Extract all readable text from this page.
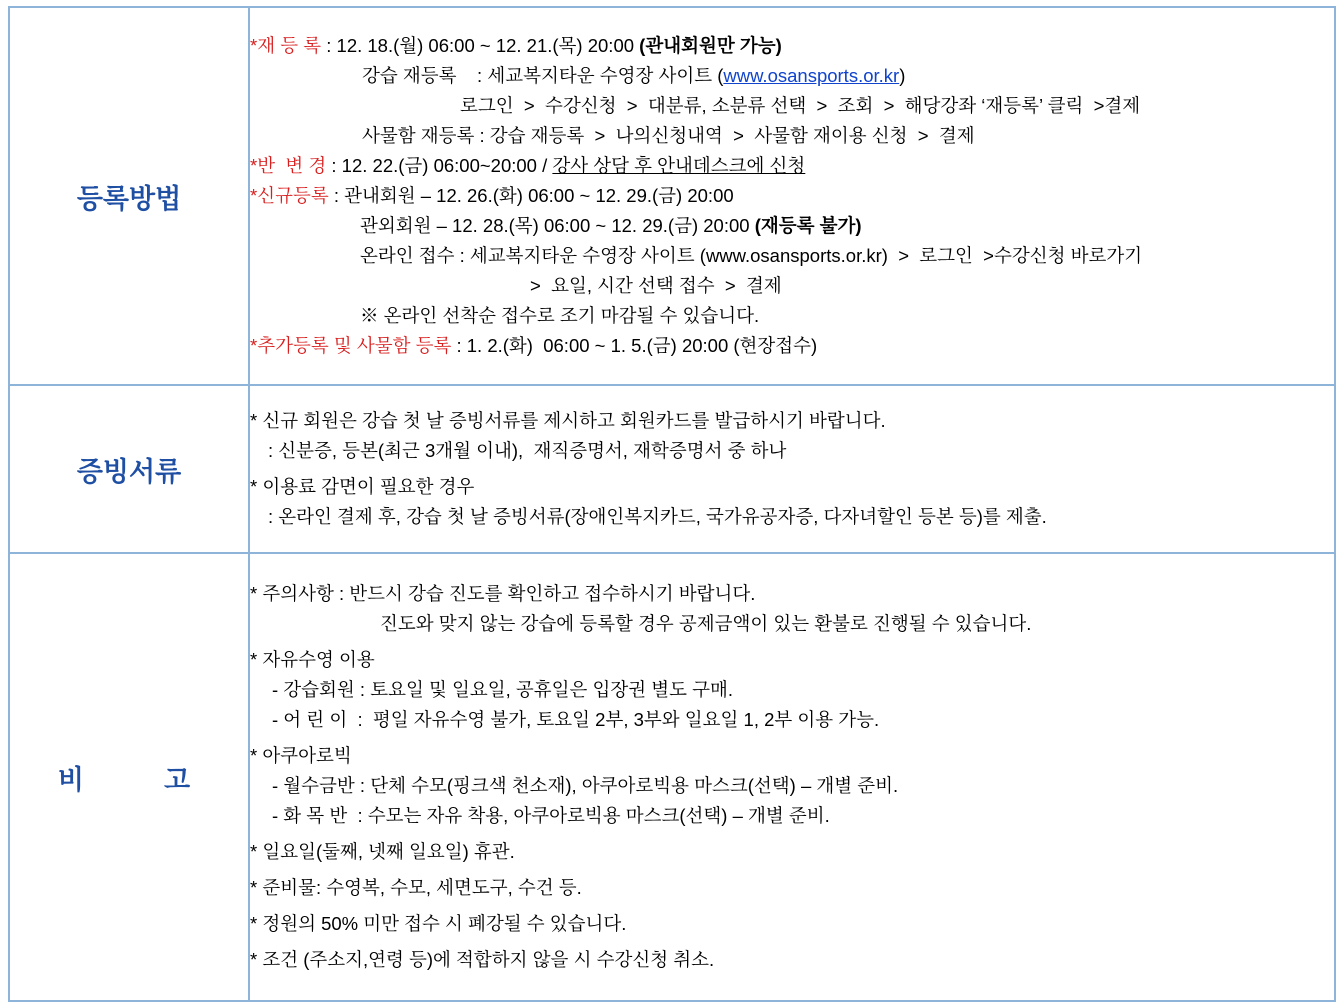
등록방법	
*재 등 록 : 12. 18.(월) 06:00 ~ 12. 21.(목) 20:00 (관내회원만 가능)
강습 재등록    : 세교복지타운 수영장 사이트 (www.osansports.or.kr)
로그인  >  수강신청  >  대분류, 소분류 선택  >  조회  >  해당강좌 ‘재등록’ 클릭  >결제
사물함 재등록 : 강습 재등록  >  나의신청내역  >  사물함 재이용 신청  >  결제
*반  변 경 : 12. 22.(금) 06:00~20:00 / 강사 상담 후 안내데스크에 신청
*신규등록 : 관내회원 – 12. 26.(화) 06:00 ~ 12. 29.(금) 20:00
관외회원 – 12. 28.(목) 06:00 ~ 12. 29.(금) 20:00 (재등록 불가)
온라인 접수 : 세교복지타운 수영장 사이트 (www.osansports.or.kr)  >  로그인  >수강신청 바로가기
>  요일, 시간 선택 접수  >  결제
※ 온라인 선착순 접수로 조기 마감될 수 있습니다.
*추가등록 및 사물함 등록 : 1. 2.(화)  06:00 ~ 1. 5.(금) 20:00 (현장접수)

증빙서류	* 신규 회원은 강습 첫 날 증빙서류를 제시하고 회원카드를 발급하시기 바랍니다.
: 신분증, 등본(최근 3개월 이내),  재직증명서, 재학증명서 중 하나
* 이용료 감면이 필요한 경우
: 온라인 결제 후, 강습 첫 날 증빙서류(장애인복지카드, 국가유공자증, 다자녀할인 등본 등)를 제출.

비    고	
* 주의사항 : 반드시 강습 진도를 확인하고 접수하시기 바랍니다.
진도와 맞지 않는 강습에 등록할 경우 공제금액이 있는 환불로 진행될 수 있습니다.
* 자유수영 이용
- 강습회원 : 토요일 및 일요일, 공휴일은 입장권 별도 구매.
- 어 린 이  :  평일 자유수영 불가, 토요일 2부, 3부와 일요일 1, 2부 이용 가능.
* 아쿠아로빅
- 월수금반 : 단체 수모(핑크색 천소재), 아쿠아로빅용 마스크(선택) – 개별 준비.
- 화 목 반  : 수모는 자유 착용, 아쿠아로빅용 마스크(선택) – 개별 준비.
* 일요일(둘째, 넷째 일요일) 휴관.
* 준비물: 수영복, 수모, 세면도구, 수건 등.
* 정원의 50% 미만 접수 시 폐강될 수 있습니다.
* 조건 (주소지,연령 등)에 적합하지 않을 시 수강신청 취소.
